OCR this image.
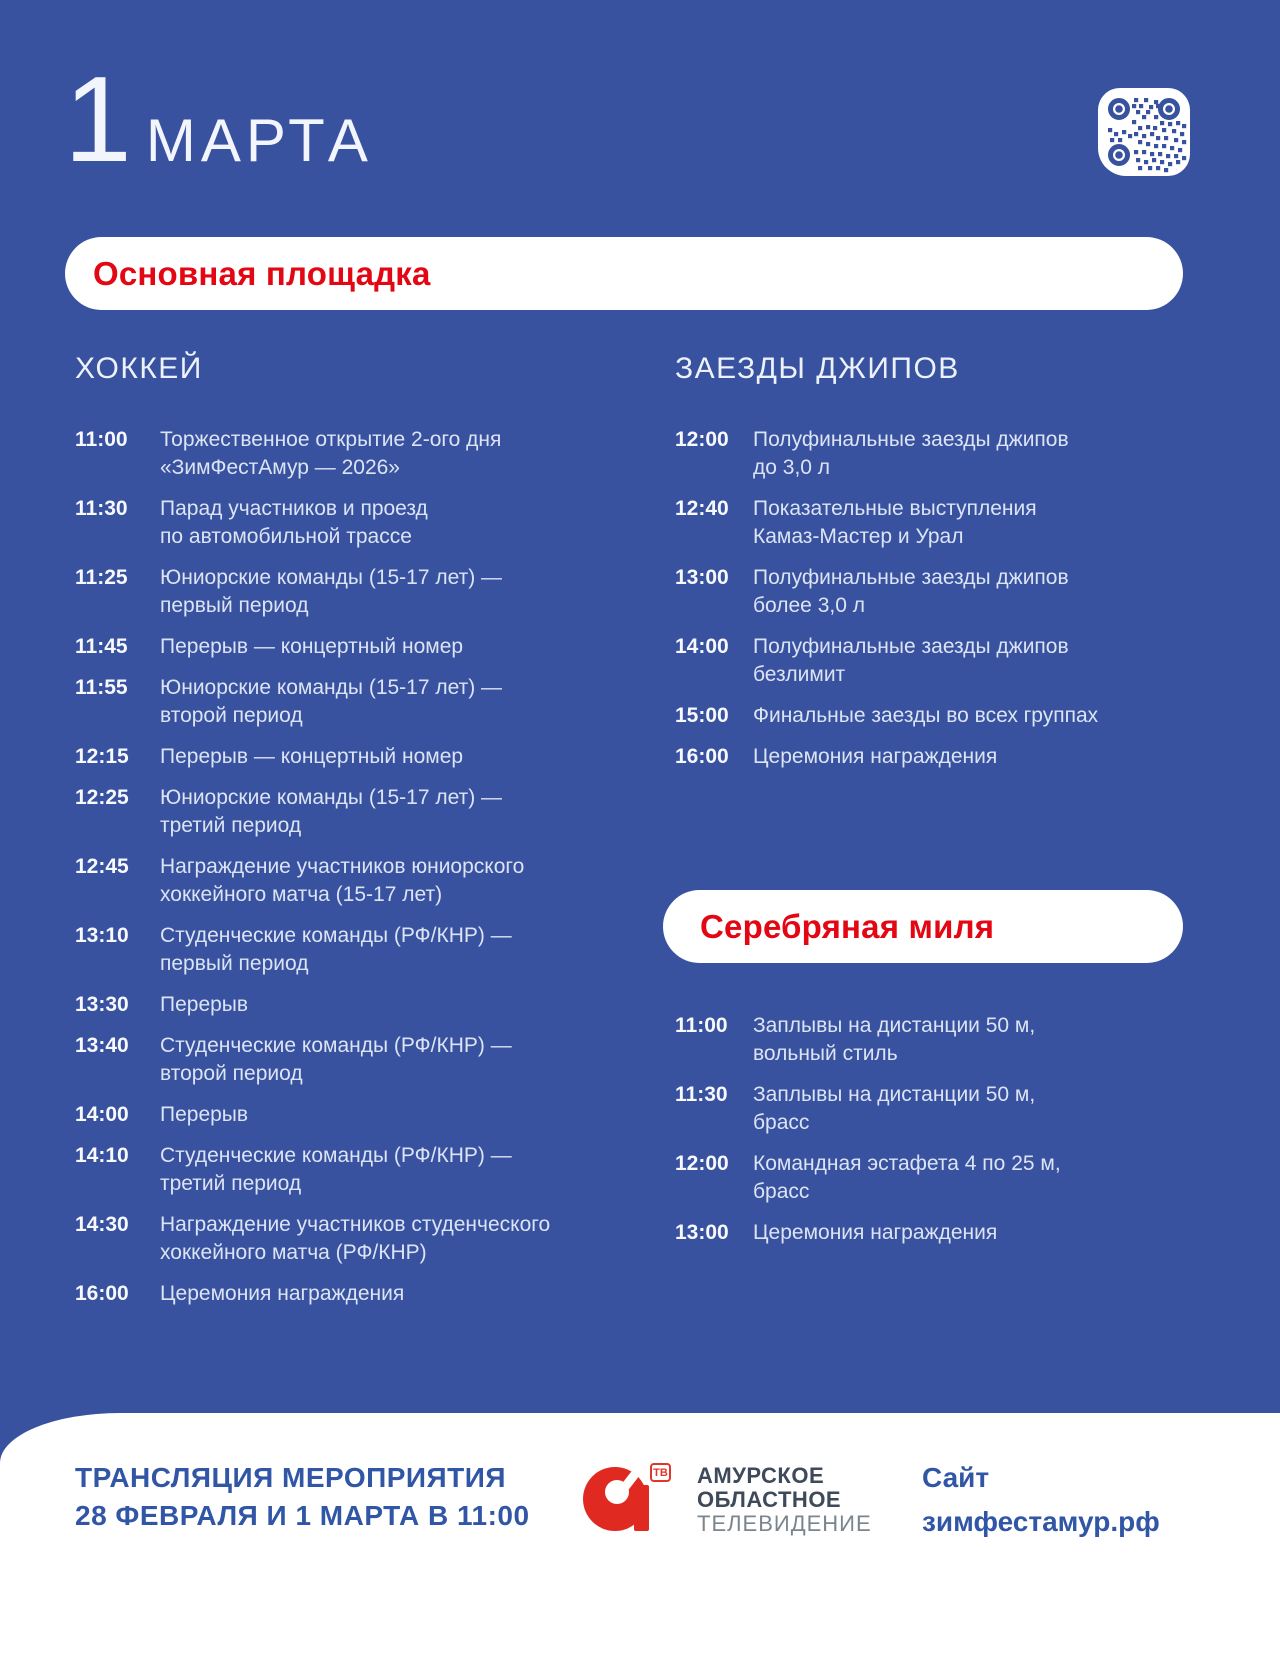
1 МАРТА
Основная площадка
ХОККЕЙ
11:00	Торжественное открытие 2-ого дня
«ЗимФестАмур — 2026»
11:30	Парад участников и проезд
по автомобильной трассе
11:25	Юниорские команды (15-17 лет) —
первый период
11:45	Перерыв — концертный номер
11:55	Юниорские команды (15-17 лет) —
второй период
12:15	Перерыв — концертный номер
12:25	Юниорские команды (15-17 лет) —
третий период
12:45	Награждение участников юниорского
хоккейного матча (15-17 лет)
13:10	Студенческие команды (РФ/КНР) —
первый период
13:30	Перерыв
13:40	Студенческие команды (РФ/КНР) —
второй период
14:00	Перерыв
14:10	Студенческие команды (РФ/КНР) —
третий период
14:30	Награждение участников студенческого
хоккейного матча (РФ/КНР)
16:00	Церемония награждения
ЗАЕЗДЫ ДЖИПОВ
12:00	Полуфинальные заезды джипов
до 3,0 л
12:40	Показательные выступления
Камаз-Мастер и Урал
13:00	Полуфинальные заезды джипов
более 3,0 л
14:00	Полуфинальные заезды джипов
безлимит
15:00	Финальные заезды во всех группах
16:00	Церемония награждения
Серебряная миля
11:00	Заплывы на дистанции 50 м,
вольный стиль
11:30	Заплывы на дистанции 50 м,
брасс
12:00	Командная эстафета 4 по 25 м,
брасс
13:00	Церемония награждения
ТРАНСЛЯЦИЯ МЕРОПРИЯТИЯ
28 ФЕВРАЛЯ И 1 МАРТА В 11:00
ТВ АМУРСКОЕ
ОБЛАСТНОЕ
ТЕЛЕВИДЕНИЕ
Сайт
зимфестамур.рф
